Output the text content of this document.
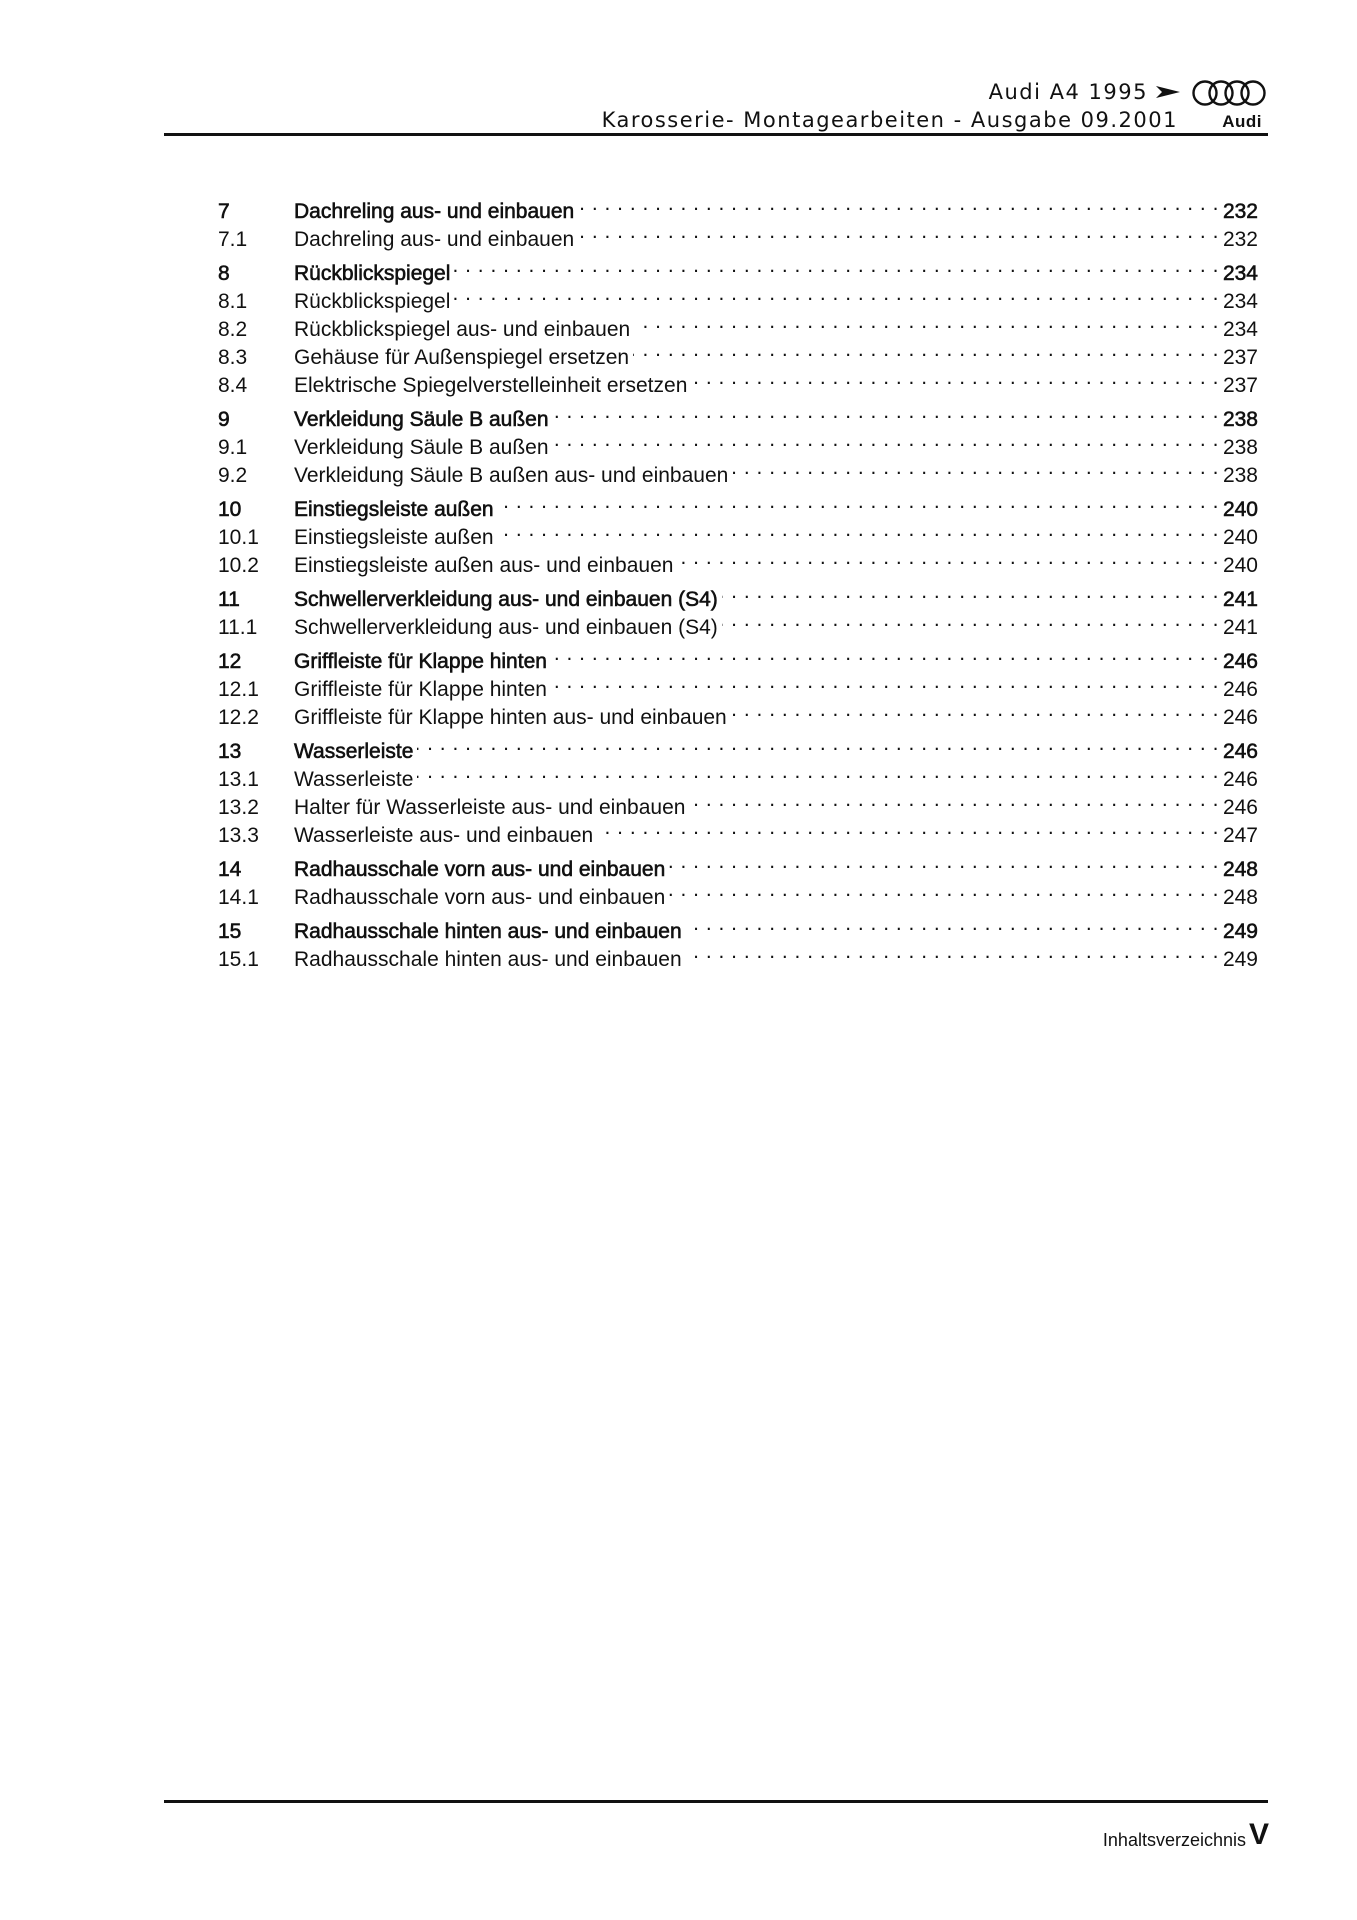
Audi A4 1995
Karosserie- Montagearbeiten - Ausgabe 09.2001	Audi
7	Dachreling aus- und einbauen . . .	232
7.1	Dachreling aus- und einbauen . . .	232
8	Rückblickspiegel . . .	234
8.1	Rückblickspiegel . . .	234
8.2	Rückblickspiegel aus- und einbauen . . .	234
8.3	Gehäuse für Außenspiegel ersetzen . . .	237
8.4	Elektrische Spiegelverstelleinheit ersetzen . . .	237
9	Verkleidung Säule B außen . . .	238
9.1	Verkleidung Säule B außen . . .	238
9.2	Verkleidung Säule B außen aus- und einbauen . . .	238
10	Einstiegsleiste außen . . .	240
10.1	Einstiegsleiste außen . . .	240
10.2	Einstiegsleiste außen aus- und einbauen . . .	240
11	Schwellerverkleidung aus- und einbauen (S4) . . .	241
11.1	Schwellerverkleidung aus- und einbauen (S4) . . .	241
12	Griffleiste für Klappe hinten . . .	246
12.1	Griffleiste für Klappe hinten . . .	246
12.2	Griffleiste für Klappe hinten aus- und einbauen . . .	246
13	Wasserleiste . . .	246
13.1	Wasserleiste . . .	246
13.2	Halter für Wasserleiste aus- und einbauen . . .	246
13.3	Wasserleiste aus- und einbauen . . .	247
14	Radhausschale vorn aus- und einbauen . . .	248
14.1	Radhausschale vorn aus- und einbauen . . .	248
15	Radhausschale hinten aus- und einbauen . . .	249
15.1	Radhausschale hinten aus- und einbauen . . .	249
Inhaltsverzeichnis V
